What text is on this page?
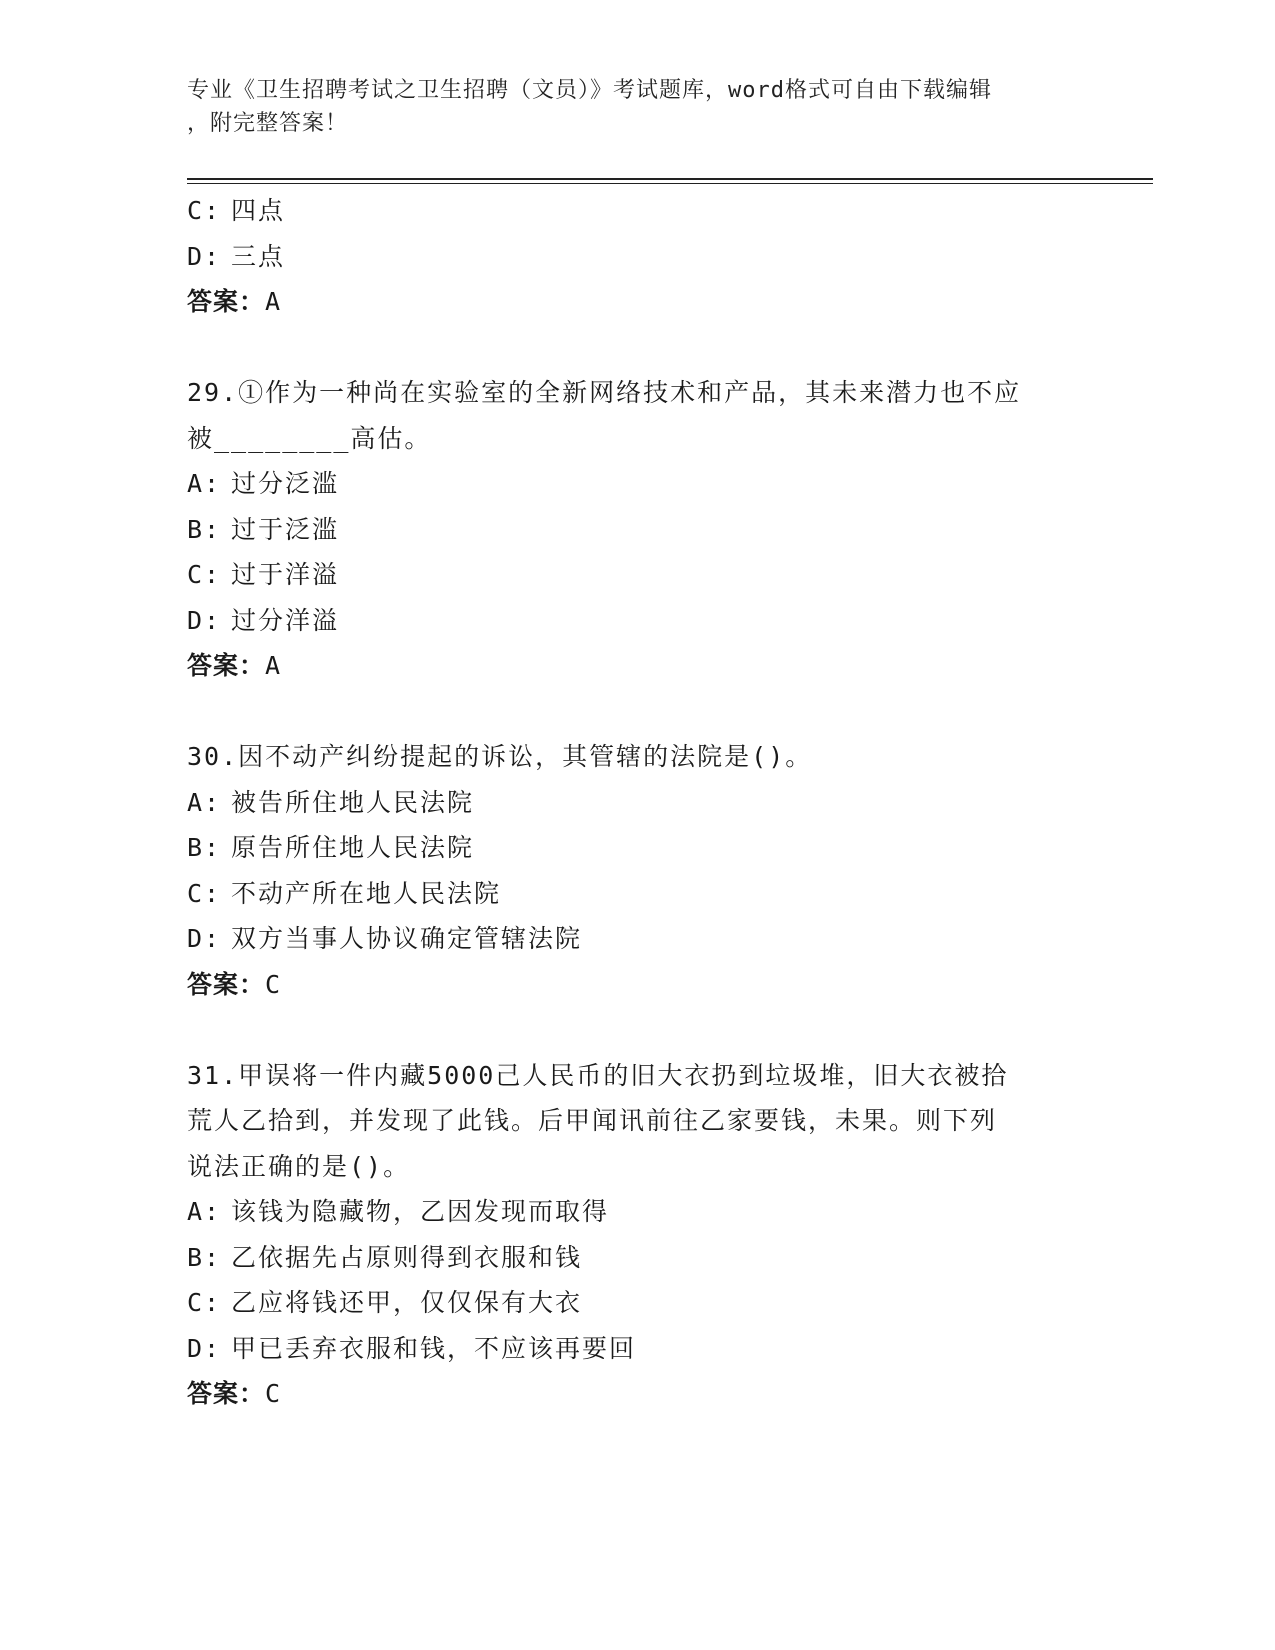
专业《卫生招聘考试之卫生招聘（文员）》考试题库，word格式可自由下载编辑
，附完整答案！
C: 四点
D: 三点
答案：A
29.①作为一种尚在实验室的全新网络技术和产品，其未来潜力也不应
被________高估。
A: 过分泛滥
B: 过于泛滥
C: 过于洋溢
D: 过分洋溢
答案：A
30.因不动产纠纷提起的诉讼，其管辖的法院是()。
A: 被告所住地人民法院
B: 原告所住地人民法院
C: 不动产所在地人民法院
D: 双方当事人协议确定管辖法院
答案：C
31.甲误将一件内藏5000己人民币的旧大衣扔到垃圾堆，旧大衣被拾
荒人乙拾到，并发现了此钱。后甲闻讯前往乙家要钱，未果。则下列
说法正确的是()。
A: 该钱为隐藏物，乙因发现而取得
B: 乙依据先占原则得到衣服和钱
C: 乙应将钱还甲，仅仅保有大衣
D: 甲已丢弃衣服和钱，不应该再要回
答案：C
